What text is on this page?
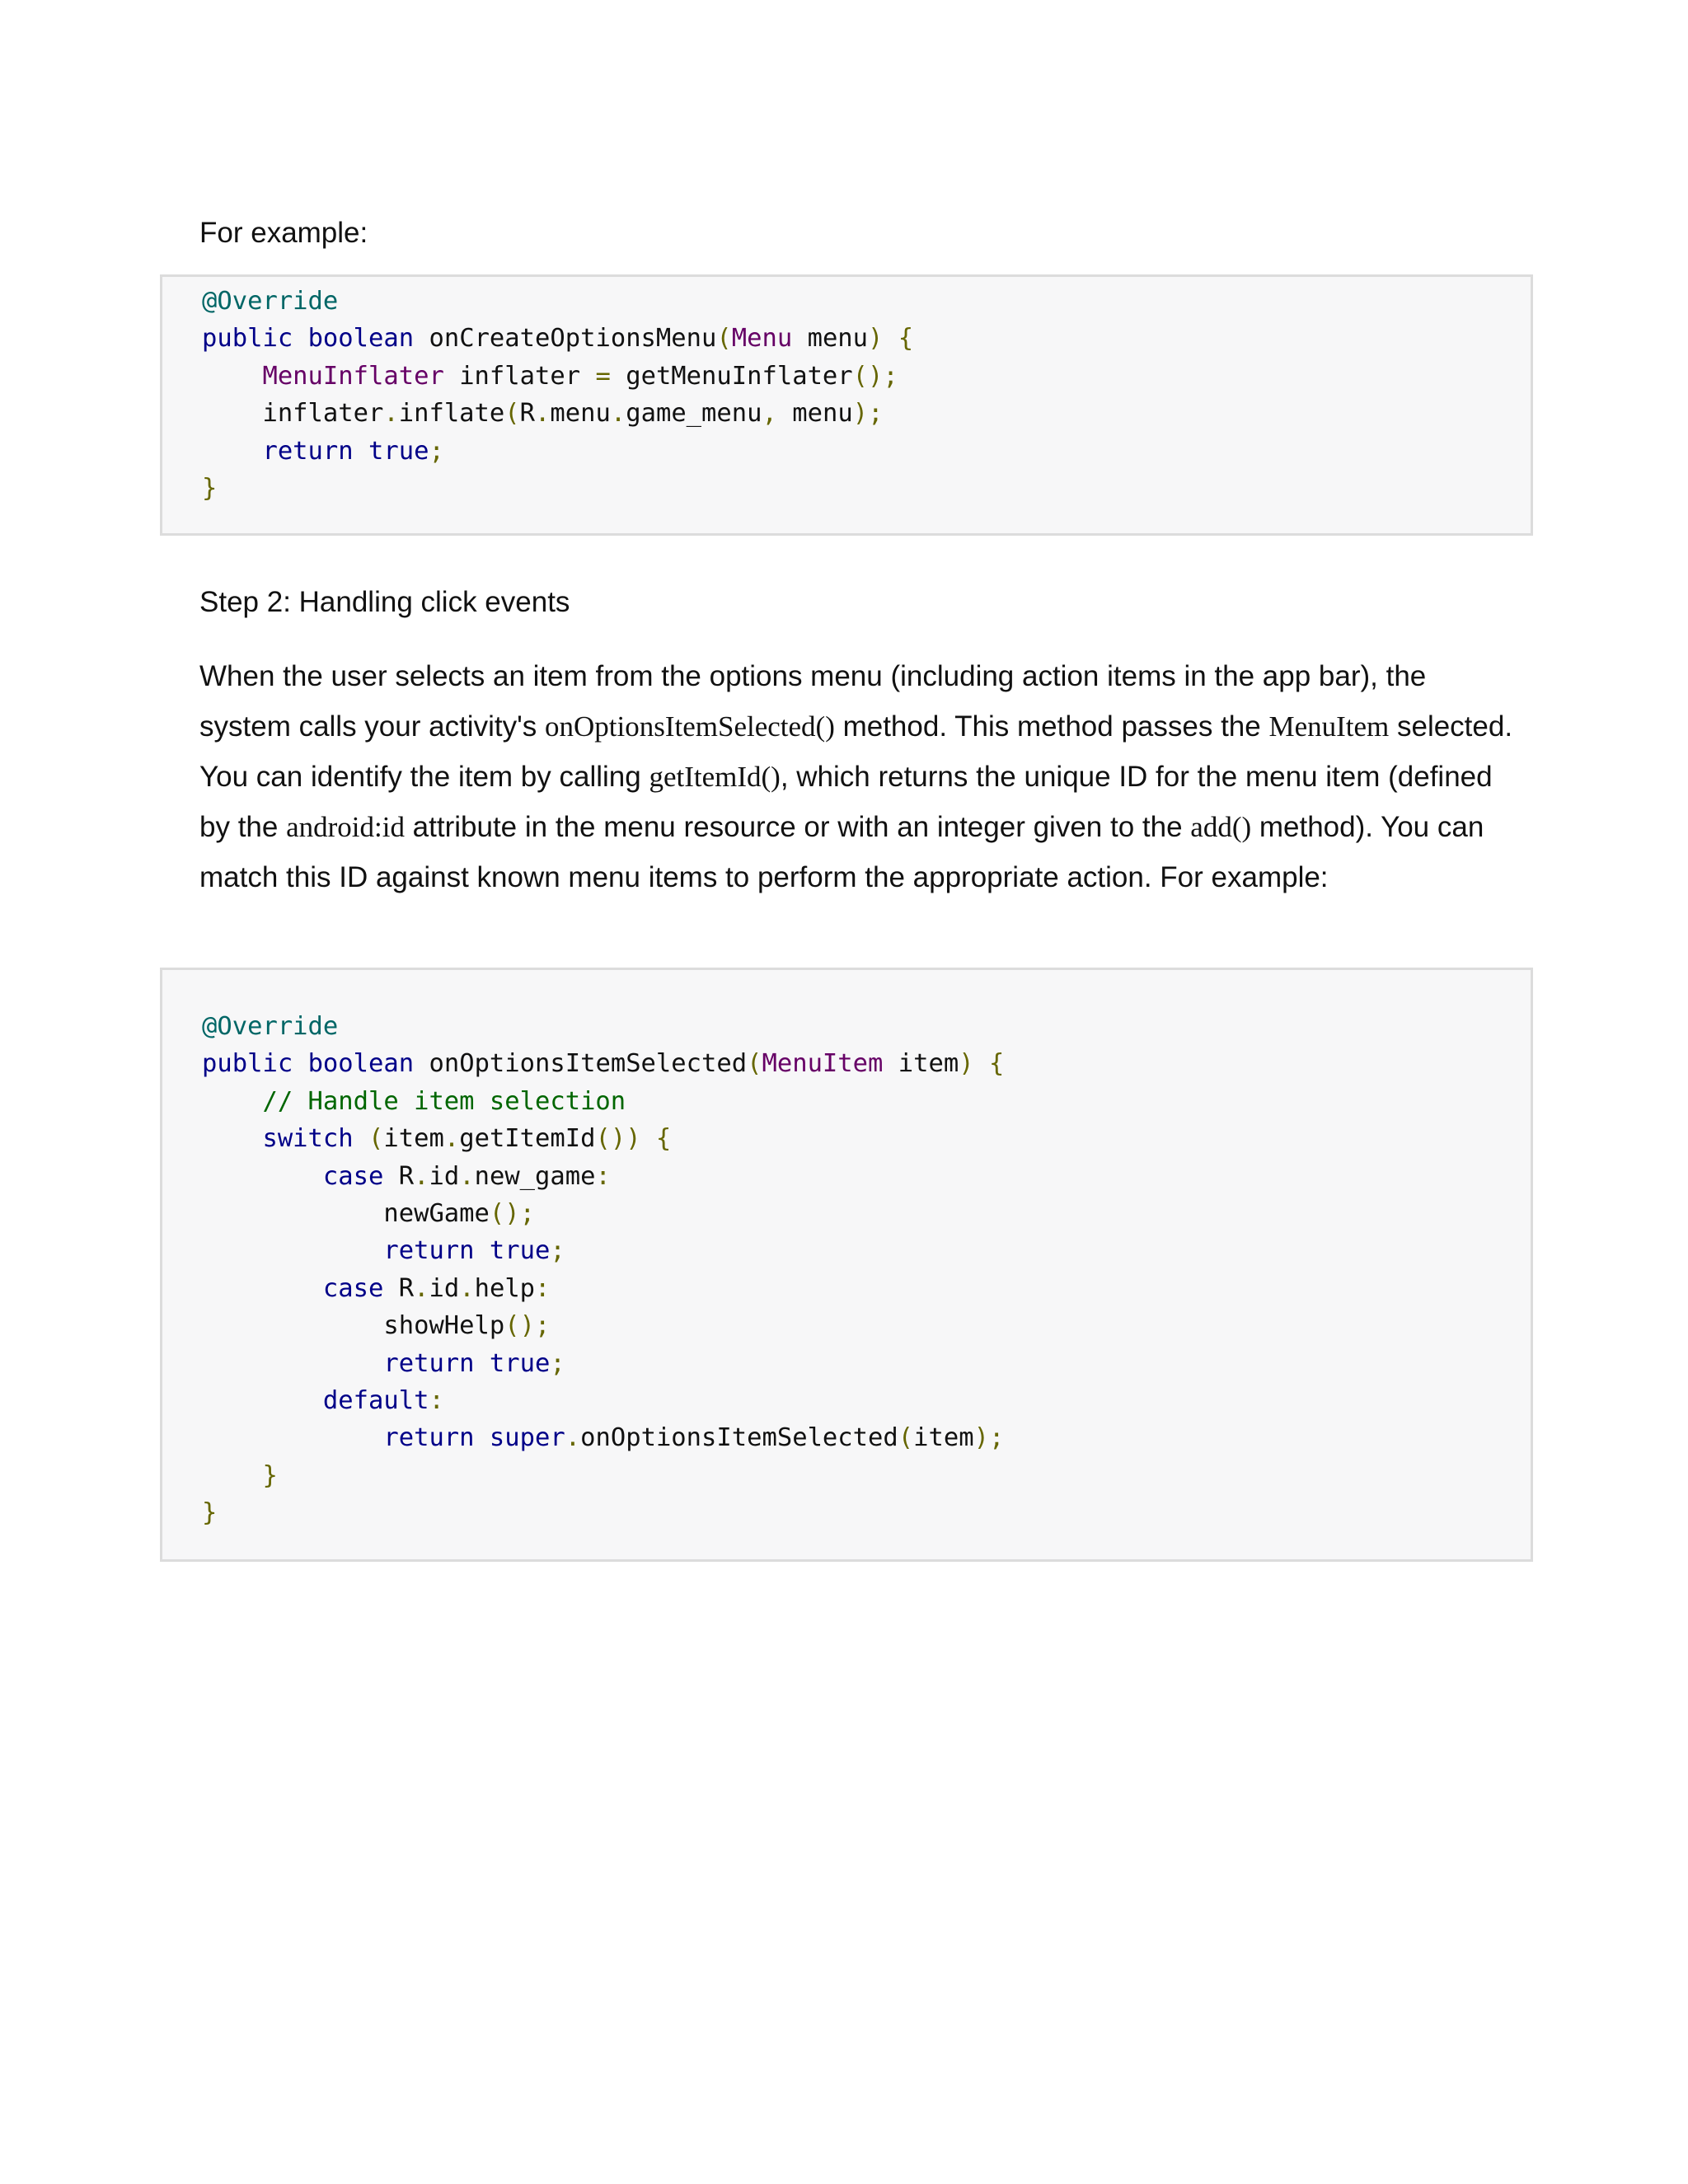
For example:
@Override
public boolean onCreateOptionsMenu(Menu menu) {
MenuInflater inflater = getMenuInflater();
inflater.inflate(R.menu.game_menu, menu);
return true;
}
Step 2: Handling click events
When the user selects an item from the options menu (including action items in the app bar), the system calls your activity's onOptionsItemSelected() method. This method passes the MenuItem selected. You can identify the item by calling getItemId(), which returns the unique ID for the menu item (defined by the android:id attribute in the menu resource or with an integer given to the add() method). You can match this ID against known menu items to perform the appropriate action. For example:
@Override
public boolean onOptionsItemSelected(MenuItem item) {
// Handle item selection
switch (item.getItemId()) {
case R.id.new_game:
newGame();
return true;
case R.id.help:
showHelp();
return true;
default:
return super.onOptionsItemSelected(item);
}
}
